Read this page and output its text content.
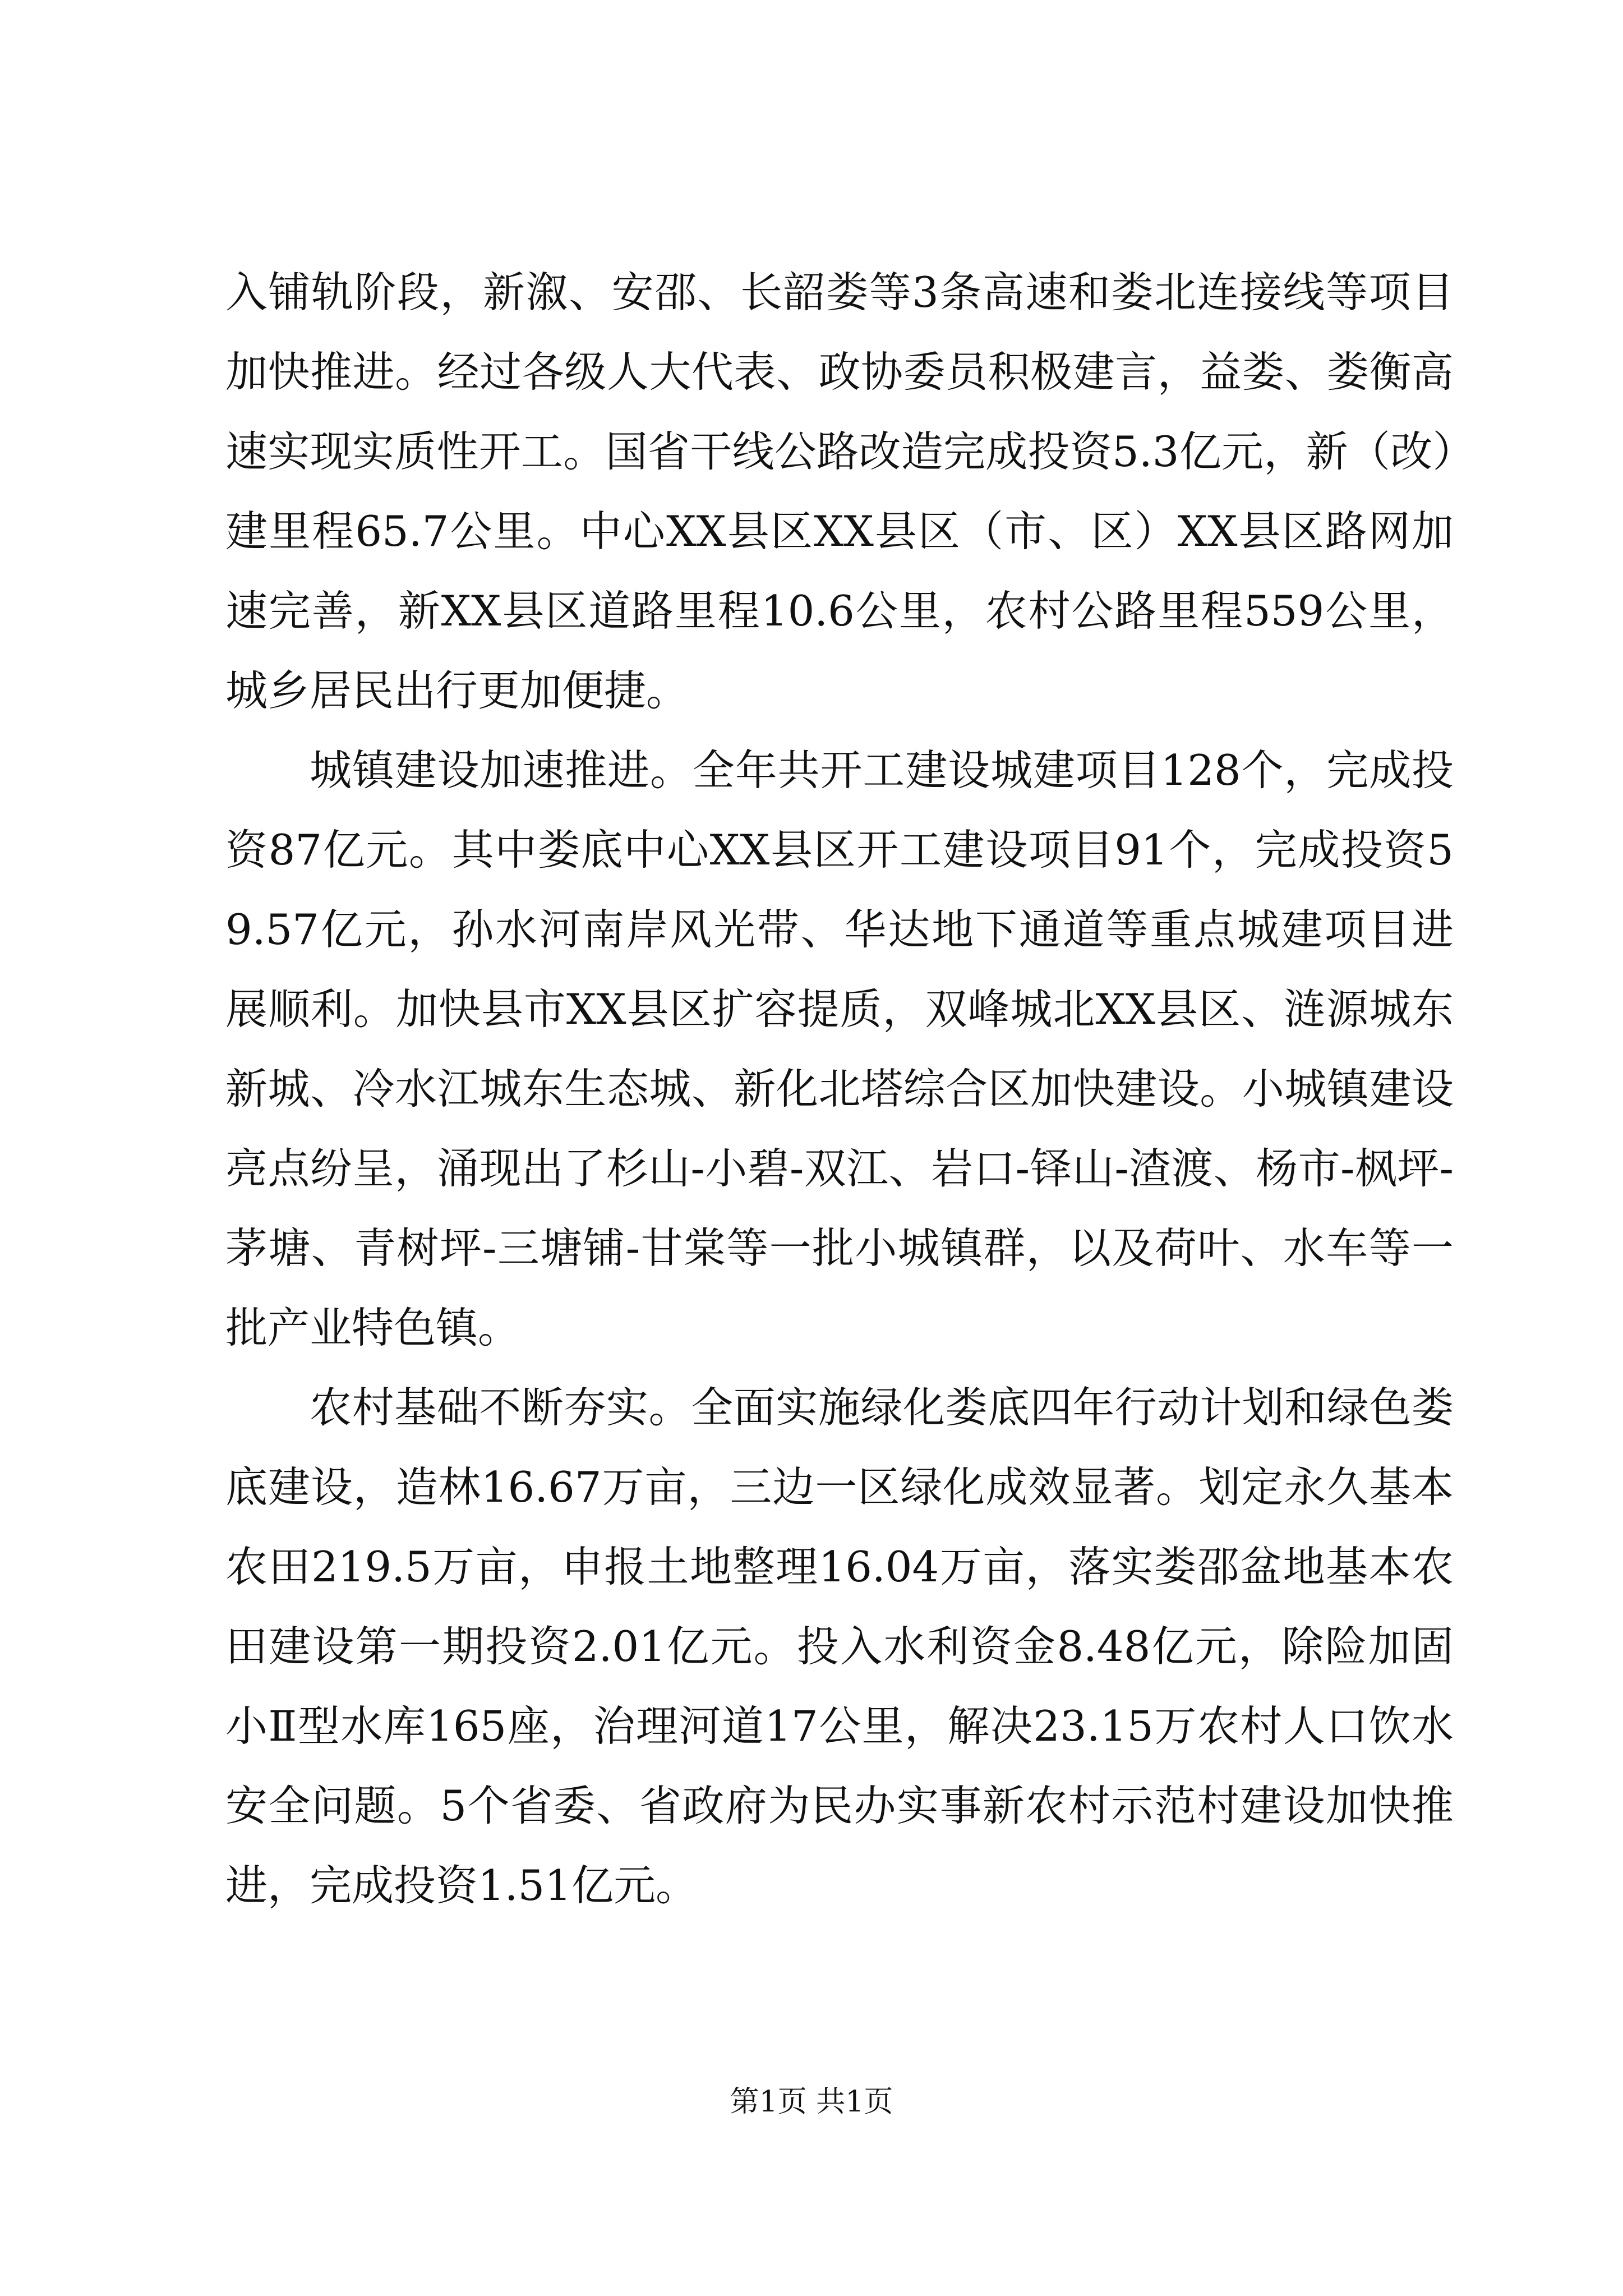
入铺轨阶段，新溆、安邵、长韶娄等3条高速和娄北连接线等项目加快推进。经过各级人大代表、政协委员积极建言，益娄、娄衡高速实现实质性开工。国省干线公路改造完成投资5.3亿元，新（改）建里程65.7公里。中心XX县区XX县区（市、区）XX县区路网加速完善，新XX县区道路里程10.6公里，农村公路里程559公里，城乡居民出行更加便捷。

城镇建设加速推进。全年共开工建设城建项目128个，完成投资87亿元。其中娄底中心XX县区开工建设项目91个，完成投资59.57亿元，孙水河南岸风光带、华达地下通道等重点城建项目进展顺利。加快县市XX县区扩容提质，双峰城北XX县区、涟源城东新城、冷水江城东生态城、新化北塔综合区加快建设。小城镇建设亮点纷呈，涌现出了杉山-小碧-双江、岩口-铎山-渣渡、杨市-枫坪-茅塘、青树坪-三塘铺-甘棠等一批小城镇群，以及荷叶、水车等一批产业特色镇。

农村基础不断夯实。全面实施绿化娄底四年行动计划和绿色娄底建设，造林16.67万亩，三边一区绿化成效显著。划定永久基本农田219.5万亩，申报土地整理16.04万亩，落实娄邵盆地基本农田建设第一期投资2.01亿元。投入水利资金8.48亿元，除险加固小Ⅱ型水库165座，治理河道17公里，解决23.15万农村人口饮水安全问题。5个省委、省政府为民办实事新农村示范村建设加快推进，完成投资1.51亿元。

第1页 共1页
